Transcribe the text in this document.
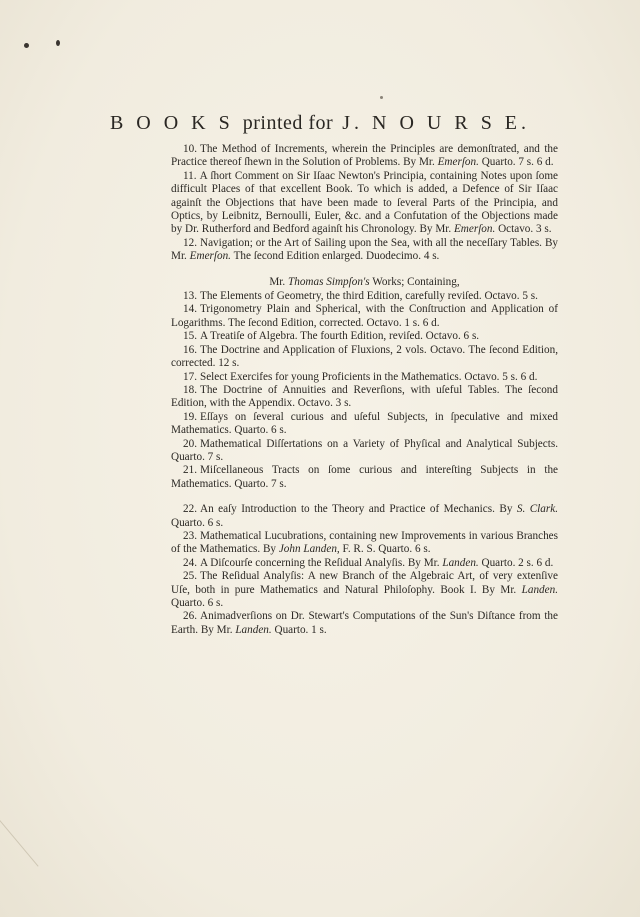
B O O K S printed for J. N O U R S E.
10. The Method of Increments, wherein the Principles are demonſtrated, and the Practice thereof ſhewn in the Solution of Problems. By Mr. Emerſon. Quarto. 7 s. 6 d.
11. A ſhort Comment on Sir Iſaac Newton's Principia, containing Notes upon ſome difficult Places of that excellent Book. To which is added, a Defence of Sir Iſaac againſt the Objections that have been made to ſeveral Parts of the Principia, and Optics, by Leibnitz, Bernoulli, Euler, &c. and a Confutation of the Objections made by Dr. Rutherford and Bedford againſt his Chronology. By Mr. Emerſon. Octavo. 3 s.
12. Navigation; or the Art of Sailing upon the Sea, with all the neceſſary Tables. By Mr. Emerſon. The ſecond Edition enlarged. Duodecimo. 4 s.
Mr. Thomas Simpſon's Works; Containing,
13. The Elements of Geometry, the third Edition, carefully reviſed. Octavo. 5 s.
14. Trigonometry Plain and Spherical, with the Conſtruction and Application of Logarithms. The ſecond Edition, corrected. Octavo. 1 s. 6 d.
15. A Treatiſe of Algebra. The fourth Edition, reviſed. Octavo. 6 s.
16. The Doctrine and Application of Fluxions, 2 vols. Octavo. The ſecond Edition, corrected. 12 s.
17. Select Exercifes for young Proficients in the Mathematics. Octavo. 5 s. 6 d.
18. The Doctrine of Annuities and Reverſions, with uſeful Tables. The ſecond Edition, with the Appendix. Octavo. 3 s.
19. Eſſays on ſeveral curious and uſeful Subjects, in ſpeculative and mixed Mathematics. Quarto. 6 s.
20. Mathematical Diſſertations on a Variety of Phyſical and Analytical Subjects. Quarto. 7 s.
21. Miſcellaneous Tracts on ſome curious and intereſting Subjects in the Mathematics. Quarto. 7 s.
22. An eaſy Introduction to the Theory and Practice of Mechanics. By S. Clark. Quarto. 6 s.
23. Mathematical Lucubrations, containing new Improvements in various Branches of the Mathematics. By John Landen, F. R. S. Quarto. 6 s.
24. A Diſcourſe concerning the Reſidual Analyſis. By Mr. Landen. Quarto. 2 s. 6 d.
25. The Reſidual Analyſis: A new Branch of the Algebraic Art, of very extenſive Uſe, both in pure Mathematics and Natural Philoſophy. Book I. By Mr. Landen. Quarto. 6 s.
26. Animadverſions on Dr. Stewart's Computations of the Sun's Diſtance from the Earth. By Mr. Landen. Quarto. 1 s.
